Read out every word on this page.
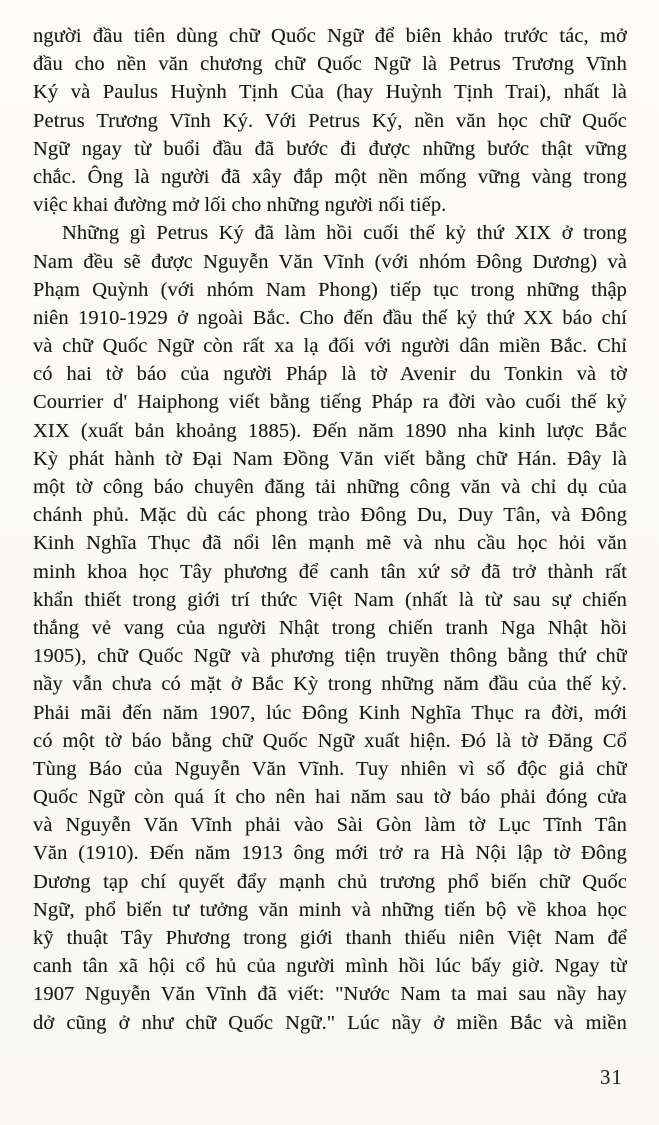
người đầu tiên dùng chữ Quốc Ngữ để biên khảo trước tác, mở
đầu cho nền văn chương chữ Quốc Ngữ là Petrus Trương Vĩnh
Ký và Paulus Huỳnh Tịnh Của (hay Huỳnh Tịnh Trai), nhất là
Petrus Trương Vĩnh Ký. Với Petrus Ký, nền văn học chữ Quốc
Ngữ ngay từ buổi đầu đã bước đi được những bước thật vững
chắc. Ông là người đã xây đắp một nền mống vững vàng trong
việc khai đường mở lối cho những người nối tiếp.
Những gì Petrus Ký đã làm hồi cuối thế kỷ thứ XIX ở trong
Nam đều sẽ được Nguyễn Văn Vĩnh (với nhóm Đông Dương) và
Phạm Quỳnh (với nhóm Nam Phong) tiếp tục trong những thập
niên 1910-1929 ở ngoài Bắc. Cho đến đầu thế kỷ thứ XX báo chí
và chữ Quốc Ngữ còn rất xa lạ đối với người dân miền Bắc. Chỉ
có hai tờ báo của người Pháp là tờ Avenir du Tonkin và tờ
Courrier d' Haiphong viết bằng tiếng Pháp ra đời vào cuối thế kỷ
XIX (xuất bản khoảng 1885). Đến năm 1890 nha kinh lược Bắc
Kỳ phát hành tờ Đại Nam Đồng Văn viết bằng chữ Hán. Đây là
một tờ công báo chuyên đăng tải những công văn và chỉ dụ của
chánh phủ. Mặc dù các phong trào Đông Du, Duy Tân, và Đông
Kinh Nghĩa Thục đã nổi lên mạnh mẽ và nhu cầu học hỏi văn
minh khoa học Tây phương để canh tân xứ sở đã trở thành rất
khẩn thiết trong giới trí thức Việt Nam (nhất là từ sau sự chiến
thắng vẻ vang của người Nhật trong chiến tranh Nga Nhật hồi
1905), chữ Quốc Ngữ và phương tiện truyền thông bằng thứ chữ
nầy vẫn chưa có mặt ở Bắc Kỳ trong những năm đầu của thế kỷ.
Phải mãi đến năm 1907, lúc Đông Kinh Nghĩa Thục ra đời, mới
có một tờ báo bằng chữ Quốc Ngữ xuất hiện. Đó là tờ Đăng Cổ
Tùng Báo của Nguyễn Văn Vĩnh. Tuy nhiên vì số độc giả chữ
Quốc Ngữ còn quá ít cho nên hai năm sau tờ báo phải đóng cửa
và Nguyễn Văn Vĩnh phải vào Sài Gòn làm tờ Lục Tĩnh Tân
Văn (1910). Đến năm 1913 ông mới trở ra Hà Nội lập tờ Đông
Dương tạp chí quyết đẩy mạnh chủ trương phổ biến chữ Quốc
Ngữ, phổ biến tư tưởng văn minh và những tiến bộ về khoa học
kỹ thuật Tây Phương trong giới thanh thiếu niên Việt Nam để
canh tân xã hội cổ hủ của người mình hồi lúc bấy giờ. Ngay từ
1907 Nguyễn Văn Vĩnh đã viết: "Nước Nam ta mai sau nầy hay
dở cũng ở như chữ Quốc Ngữ." Lúc nầy ở miền Bắc và miền
31
